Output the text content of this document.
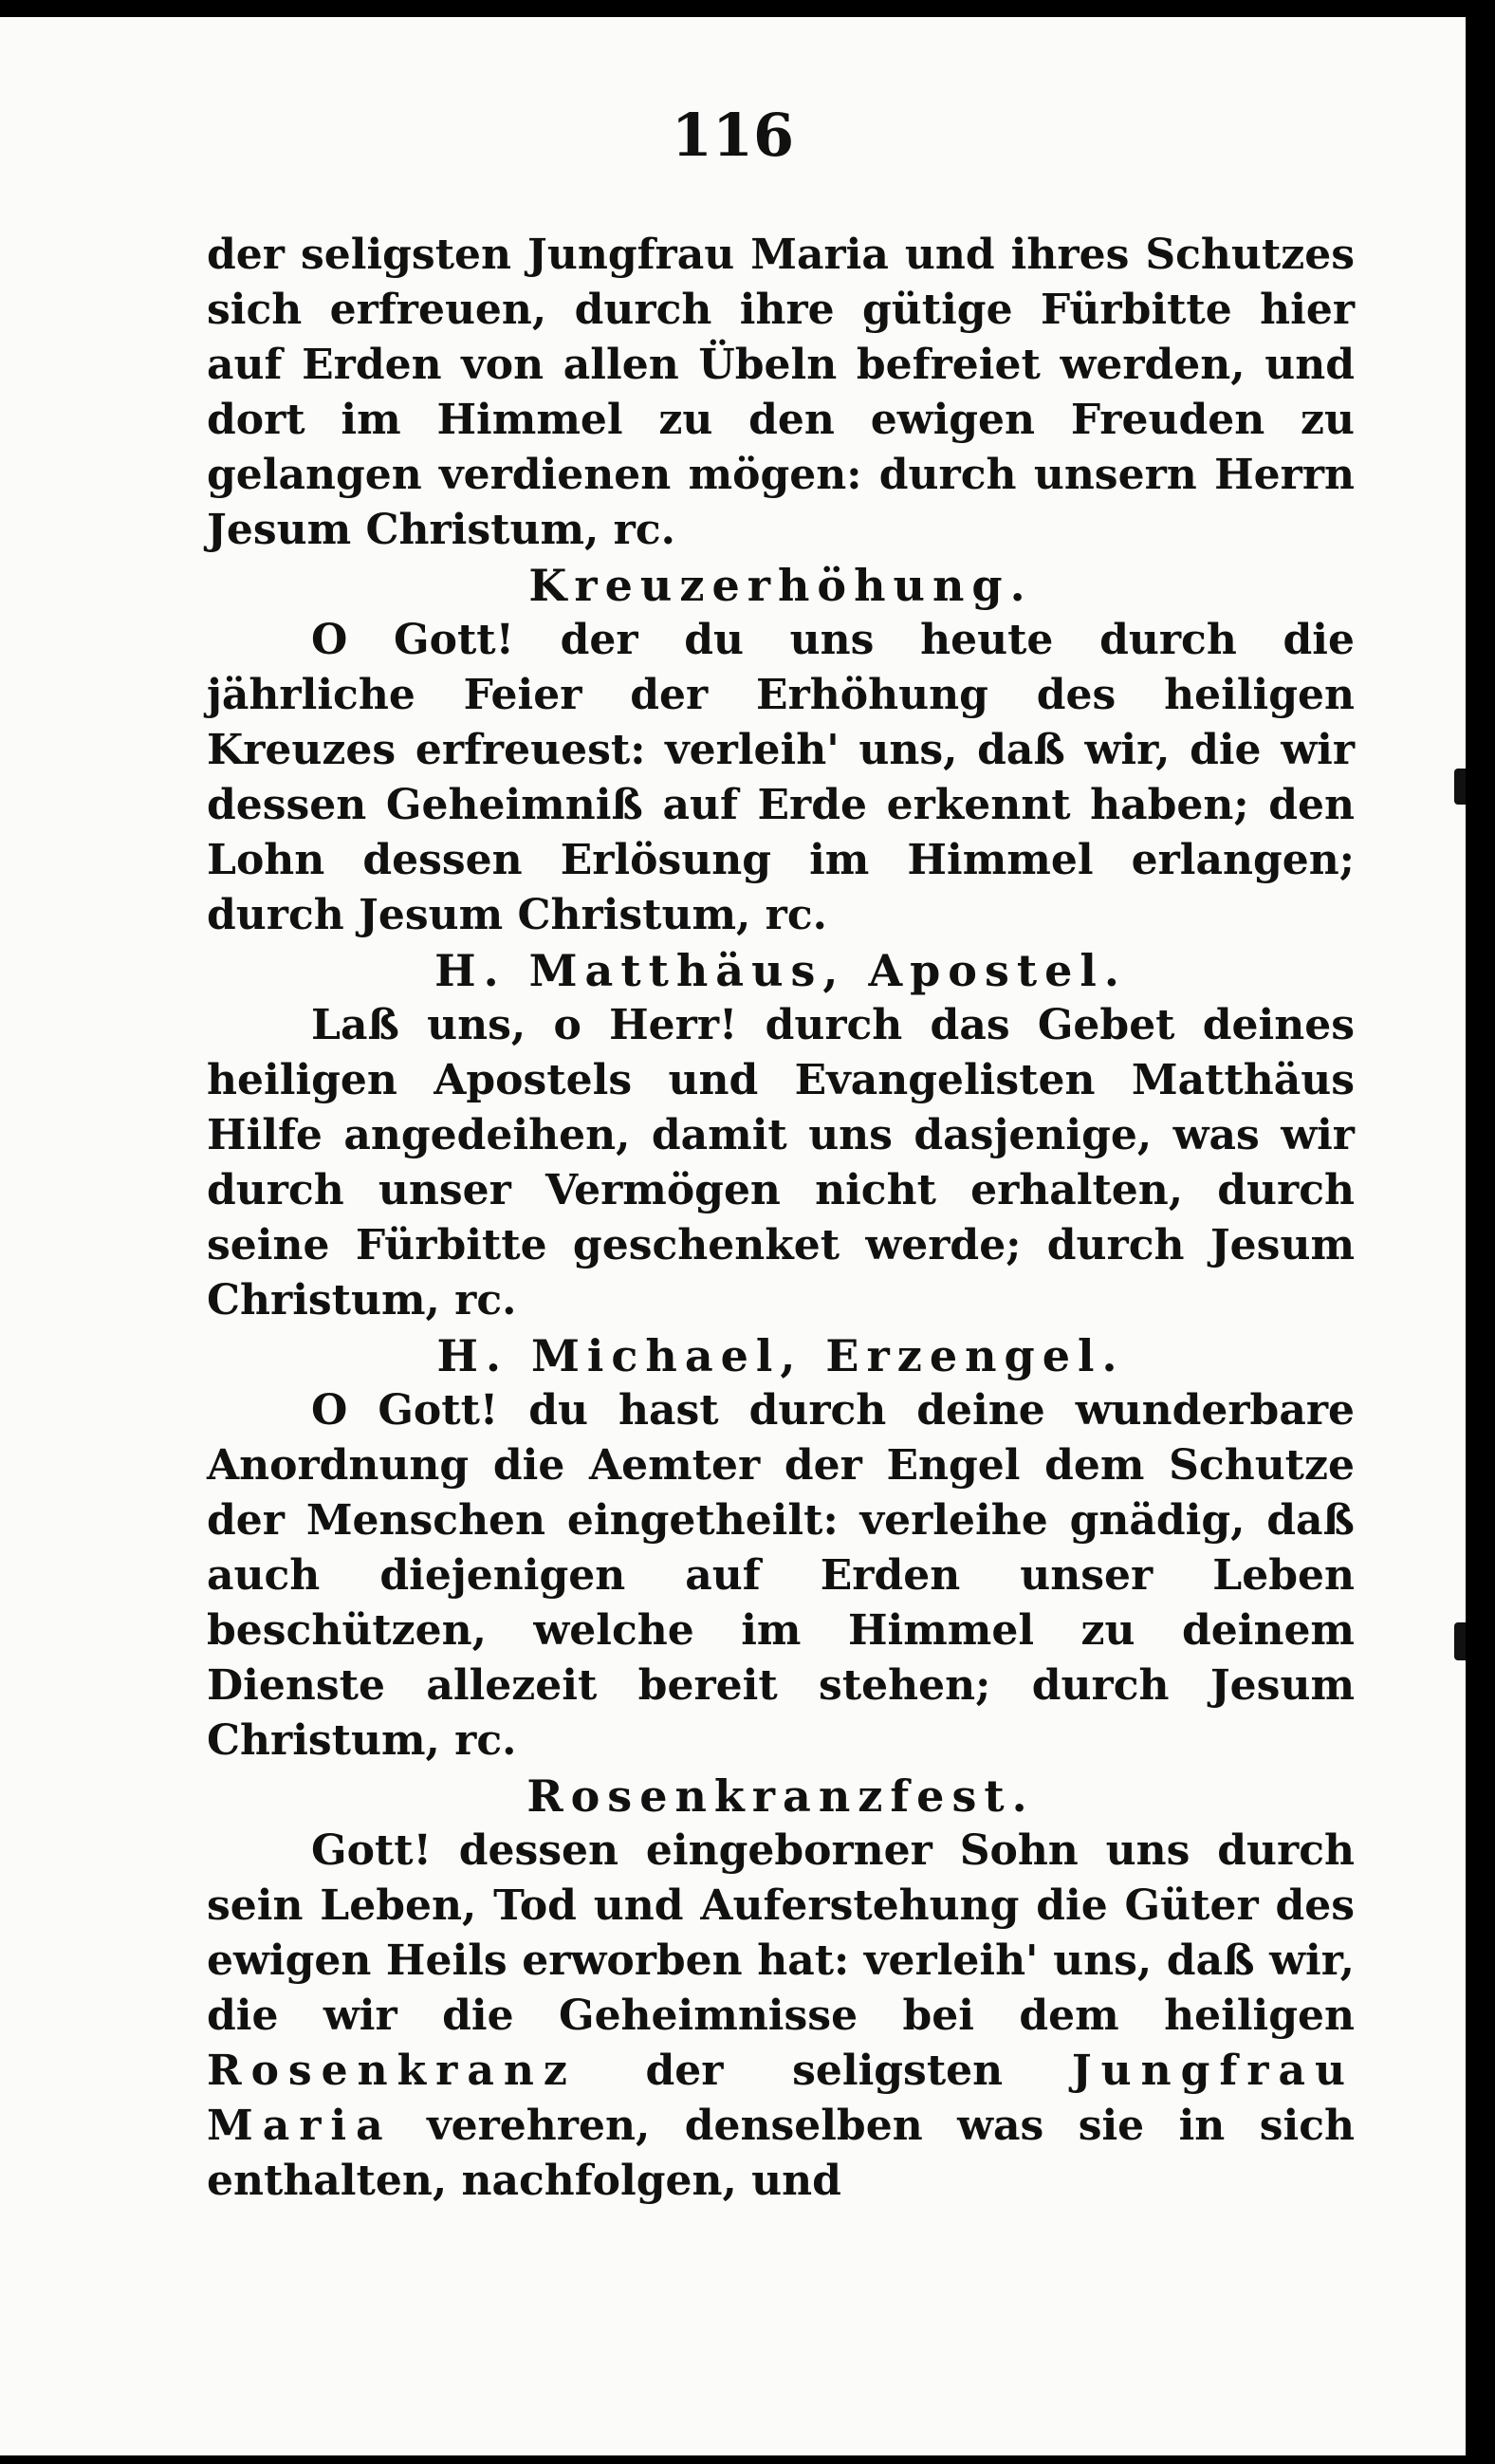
116

der seligsten Jungfrau Maria und ihres Schutzes sich erfreuen, durch ihre gütige Fürbitte hier auf Erden von allen Übeln befreiet werden, und dort im Himmel zu den ewigen Freuden zu gelangen verdienen mögen: durch unsern Herrn Jesum Christum, rc.

Kreuzerhöhung.

O Gott! der du uns heute durch die jährliche Feier der Erhöhung des heiligen Kreuzes erfreuest: verleih' uns, daß wir, die wir dessen Geheimniß auf Erde erkennt haben; den Lohn dessen Erlösung im Himmel erlangen; durch Jesum Christum, rc.

H. Matthäus, Apostel.

Laß uns, o Herr! durch das Gebet deines heiligen Apostels und Evangelisten Matthäus Hilfe angedeihen, damit uns dasjenige, was wir durch unser Vermögen nicht erhalten, durch seine Fürbitte geschenket werde; durch Jesum Christum, rc.

H. Michael, Erzengel.

O Gott! du hast durch deine wunderbare Anordnung die Aemter der Engel dem Schutze der Menschen eingetheilt: verleihe gnädig, daß auch diejenigen auf Erden unser Leben beschützen, welche im Himmel zu deinem Dienste allezeit bereit stehen; durch Jesum Christum, rc.

Rosenkranzfest.

Gott! dessen eingeborner Sohn uns durch sein Leben, Tod und Auferstehung die Güter des ewigen Heils erworben hat: verleih' uns, daß wir, die wir die Geheimnisse bei dem heiligen Rosenkranz der seligsten Jungfrau Maria verehren, denselben was sie in sich enthalten, nachfolgen, und
